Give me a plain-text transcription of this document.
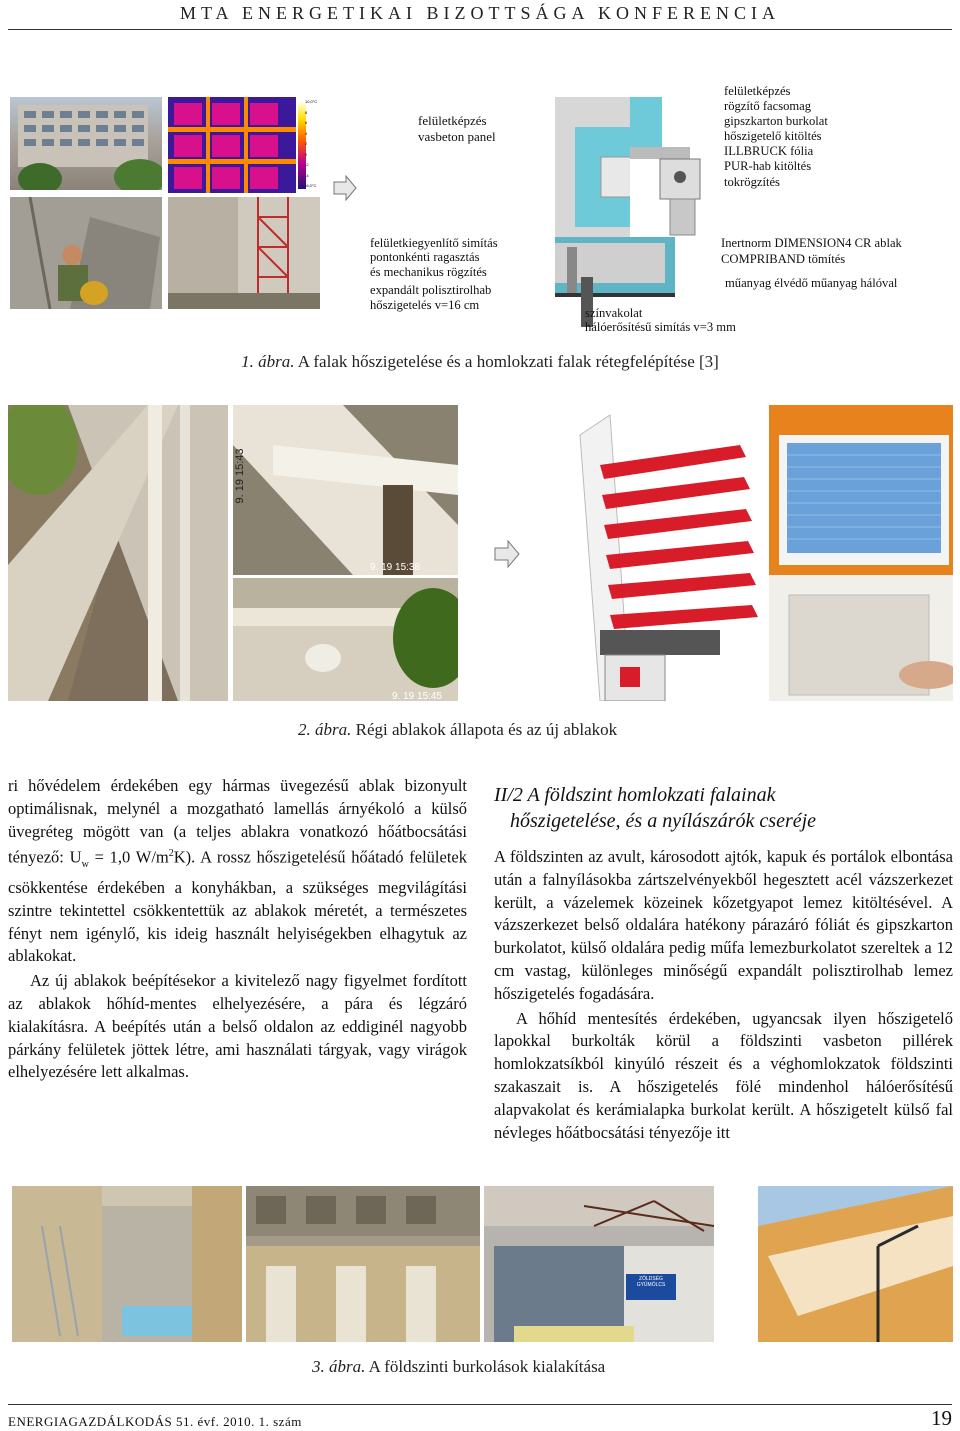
MTA ENERGETIKAI BIZOTTSÁGA KONFERENCIA
felületképzés
vasbeton panel
felületkiegyenlítő simítás
pontonkénti ragasztás
és mechanikus rögzítés
expandált polisztirolhab
hőszigetelés v=16 cm
felületképzés
rögzítő facsomag
gipszkarton burkolat
hőszigetelő kitöltés
ILLBRUCK fólia
PUR-hab kitöltés
tokrögzítés
Inertnorm DIMENSION4 CR ablak
COMPRIBAND tömítés
műanyag élvédő műanyag hálóval
színvakolat
hálóerősítésű simítás v=3 mm
1. ábra. A falak hőszigetelése és a homlokzati falak rétegfelépítése [3]
9. 19 15:43
9. 19 15:38
9. 19 15:45
2. ábra. Régi ablakok állapota és az új ablakok

ri hővédelem érdekében egy hármas üvegezésű ablak bizonyult optimálisnak, melynél a mozgatható lamellás árnyékoló a külső üvegréteg mögött van (a teljes ablakra vonatkozó hőátbocsátási tényező: $U_w = 1,0$ $W/m^2K$). A rossz hőszigetelésű hőátadó felületek csökkentése érdekében a konyhákban, a szükséges megvilágítási szintre tekintettel csökkentettük az ablakok méretét, a természetes fényt nem igénylő, kis ideig használt helyiségekben elhagytuk az ablakokat.

Az új ablakok beépítésekor a kivitelező nagy figyelmet fordított az ablakok hőhíd-mentes elhelyezésére, a pára és légzáró kialakításra. A beépítés után a belső oldalon az eddiginél nagyobb párkány felületek jöttek létre, ami használati tárgyak, vagy virágok elhelyezésére lett alkalmas.

II/2 A földszint homlokzati falainak
hőszigetelése, és a nyílászárók cseréje

A földszinten az avult, károsodott ajtók, kapuk és portálok elbontása után a falnyílásokba zártszelvényekből hegesztett acél vázszerkezet került, a vázelemek közeinek kőzetgyapot lemez kitöltésével. A vázszerkezet belső oldalára hatékony párazáró fóliát és gipszkarton burkolatot, külső oldalára pedig műfa lemezburkolatot szereltek a 12 cm vastag, különleges minőségű expandált polisztirolhab lemez hőszigetelés fogadására.

A hőhíd mentesítés érdekében, ugyancsak ilyen hőszigetelő lapokkal burkolták körül a földszinti vasbeton pillérek homlokzatsíkból kinyúló részeit és a véghomlokzatok földszinti szakaszait is. A hőszigetelés fölé mindenhol hálóerősítésű alapvakolat és kerámialapka burkolat került. A hőszigetelt külső fal névleges hőátbocsátási tényezője itt

ZÖLDSÉG GYÜMÖLCS
3. ábra. A földszinti burkolások kialakítása
ENERGIAGAZDÁLKODÁS 51. évf. 2010. 1. szám	19
10,0°C
8
6
4
2
0
-2
-4
-6,0°C
